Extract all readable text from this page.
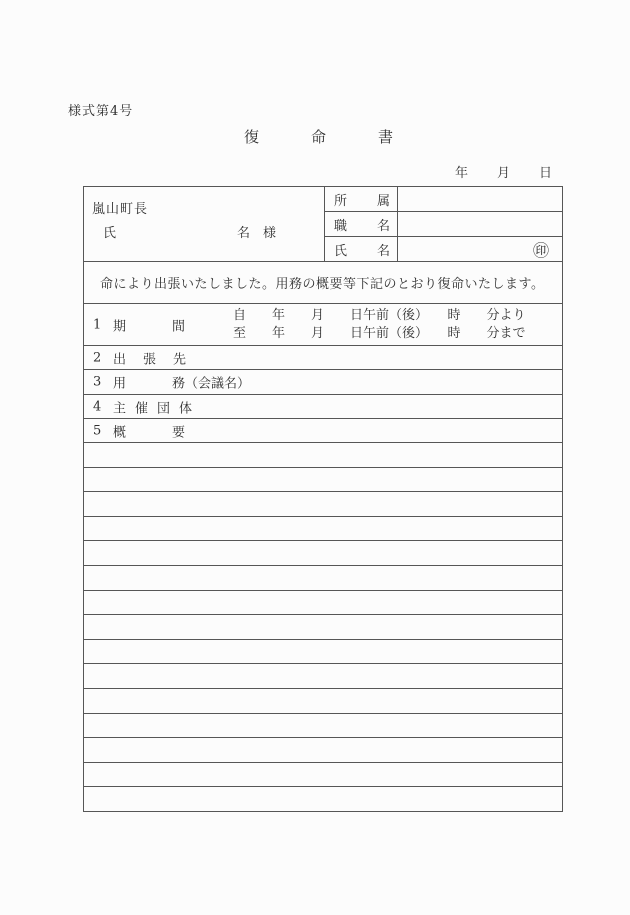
様式第4号
復命書
年月日
嵐山町長
氏	名　様
所 属
職 名
氏 名	㊞
命により出張いたしました。用務の概要等下記のとおり復命いたします。
1 期	間
自　　年　　月　　日午前（後）　　時　　分より
至　　年　　月　　日午前（後）　　時　　分まで
2 出　張　先
3 用	務（会議名）
4 主催団体
5 概	要
